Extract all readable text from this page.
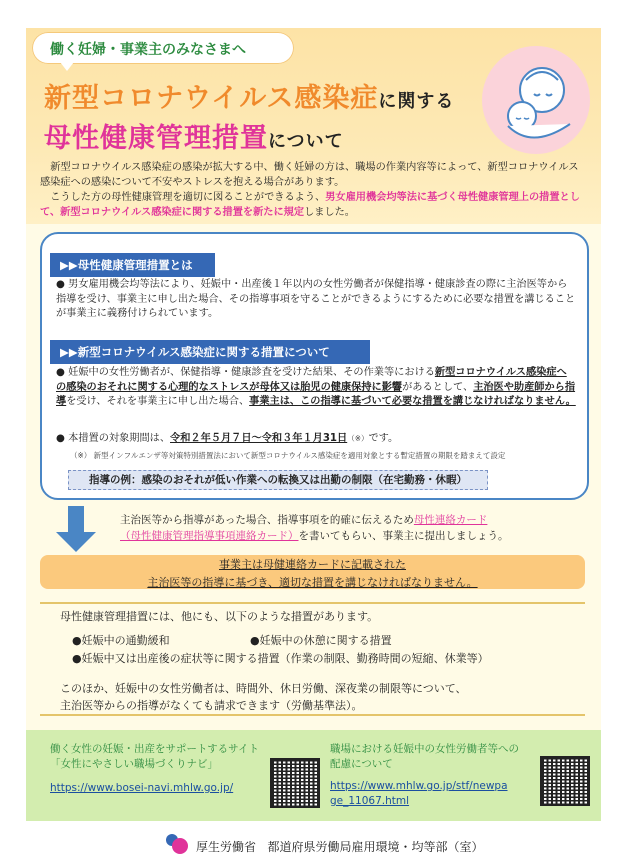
働く妊婦・事業主のみなさまへ
新型コロナウイルス感染症に関する
母性健康管理措置について
新型コロナウイルス感染症の感染が拡大する中、働く妊婦の方は、職場の作業内容等によって、新型コロナウイルス感染症への感染について不安やストレスを抱える場合があります。
こうした方の母性健康管理を適切に図ることができるよう、男女雇用機会均等法に基づく母性健康管理上の措置として、新型コロナウイルス感染症に関する措置を新たに規定しました。
▶▶母性健康管理措置とは
● 男女雇用機会均等法により、妊娠中・出産後１年以内の女性労働者が保健指導・健康診査の際に主治医等から指導を受け、事業主に申し出た場合、その指導事項を守ることができるようにするために必要な措置を講じることが事業主に義務付けられています。
▶▶新型コロナウイルス感染症に関する措置について
● 妊娠中の女性労働者が、保健指導・健康診査を受けた結果、その作業等における新型コロナウイルス感染症への感染のおそれに関する心理的なストレスが母体又は胎児の健康保持に影響があるとして、主治医や助産師から指導を受け、それを事業主に申し出た場合、事業主は、この指導に基づいて必要な措置を講じなければなりません。
● 本措置の対象期間は、令和２年５月７日〜令和３年１月31日（※）です。
（※） 新型インフルエンザ等対策特別措置法において新型コロナウイルス感染症を適用対象とする暫定措置の期限を踏まえて設定
指導の例：感染のおそれが低い作業への転換又は出勤の制限（在宅勤務・休暇）
主治医等から指導があった場合、指導事項を的確に伝えるため母性連絡カード
（母性健康管理指導事項連絡カード）を書いてもらい、事業主に提出しましょう。
事業主は母健連絡カードに記載された
主治医等の指導に基づき、適切な措置を講じなければなりません。
母性健康管理措置には、他にも、以下のような措置があります。
●妊娠中の通勤緩和	●妊娠中の休憩に関する措置
●妊娠中又は出産後の症状等に関する措置（作業の制限、勤務時間の短縮、休業等）
このほか、妊娠中の女性労働者は、時間外、休日労働、深夜業の制限等について、
主治医等からの指導がなくても請求できます（労働基準法）。
働く女性の妊娠・出産をサポートするサイト
「女性にやさしい職場づくりナビ」
https://www.bosei-navi.mhlw.go.jp/
職場における妊娠中の女性労働者等への
配慮について
https://www.mhlw.go.jp/stf/newpa
ge_11067.html
厚生労働省 都道府県労働局雇用環境・均等部（室）
